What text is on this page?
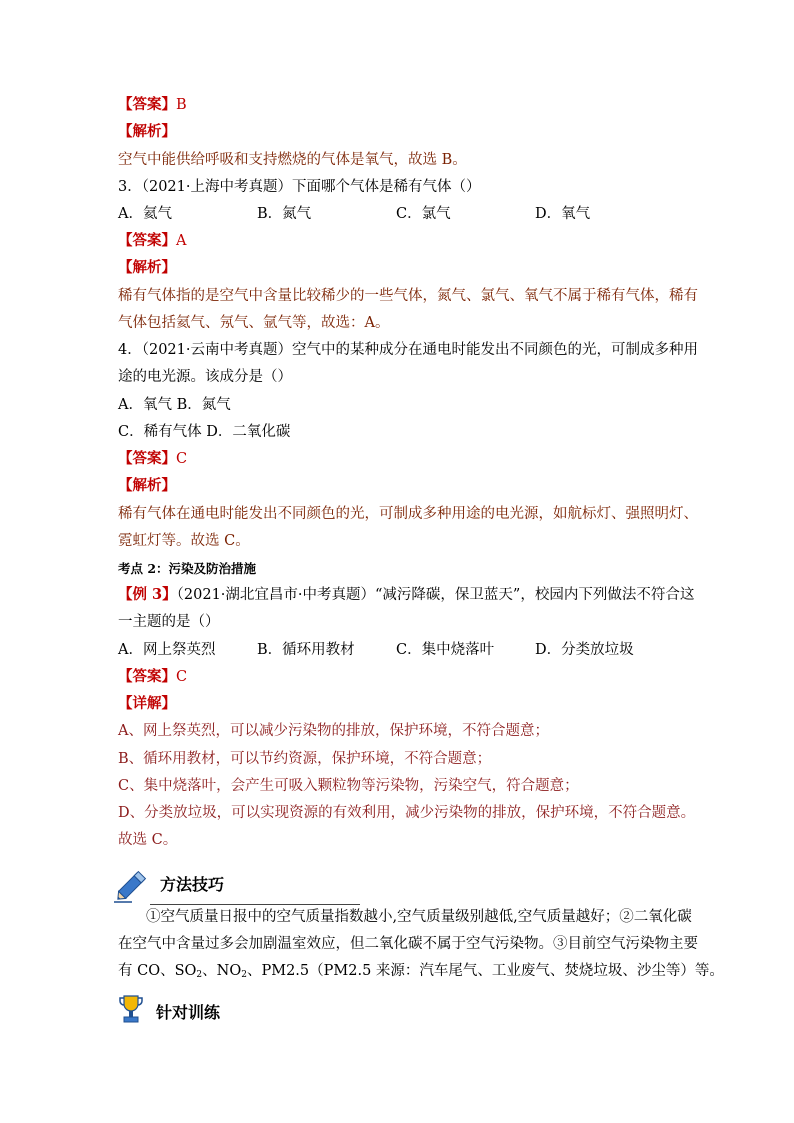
【答案】B
【解析】
空气中能供给呼吸和支持燃烧的气体是氧气，故选 B。
3．（2021·上海中考真题）下面哪个气体是稀有气体（）
A．氦气	B．氮气	C．氯气	D．氧气
【答案】A
【解析】
稀有气体指的是空气中含量比较稀少的一些气体，氮气、氯气、氧气不属于稀有气体，稀有
气体包括氦气、氖气、氩气等，故选：A。
4．（2021·云南中考真题）空气中的某种成分在通电时能发出不同颜色的光，可制成多种用
途的电光源。该成分是（）
A．氧气 B．氮气
C．稀有气体 D．二氧化碳
【答案】C
【解析】
稀有气体在通电时能发出不同颜色的光，可制成多种用途的电光源，如航标灯、强照明灯、
霓虹灯等。故选 C。
考点 2：污染及防治措施
【例 3】（2021·湖北宜昌市·中考真题）“减污降碳，保卫蓝天”，校园内下列做法不符合这
一主题的是（）
A．网上祭英烈	B．循环用教材	C．集中烧落叶	D．分类放垃圾
【答案】C
【详解】
A、网上祭英烈，可以减少污染物的排放，保护环境，不符合题意；
B、循环用教材，可以节约资源，保护环境，不符合题意；
C、集中烧落叶，会产生可吸入颗粒物等污染物，污染空气，符合题意；
D、分类放垃圾，可以实现资源的有效利用，减少污染物的排放，保护环境，不符合题意。
故选 C。
方法技巧
①空气质量日报中的空气质量指数越小,空气质量级别越低,空气质量越好；②二氧化碳
在空气中含量过多会加剧温室效应，但二氧化碳不属于空气污染物。③目前空气污染物主要
有 CO、$SO_2$、$NO_2$、PM2.5（PM2.5 来源：汽车尾气、工业废气、焚烧垃圾、沙尘等）等。
针对训练
